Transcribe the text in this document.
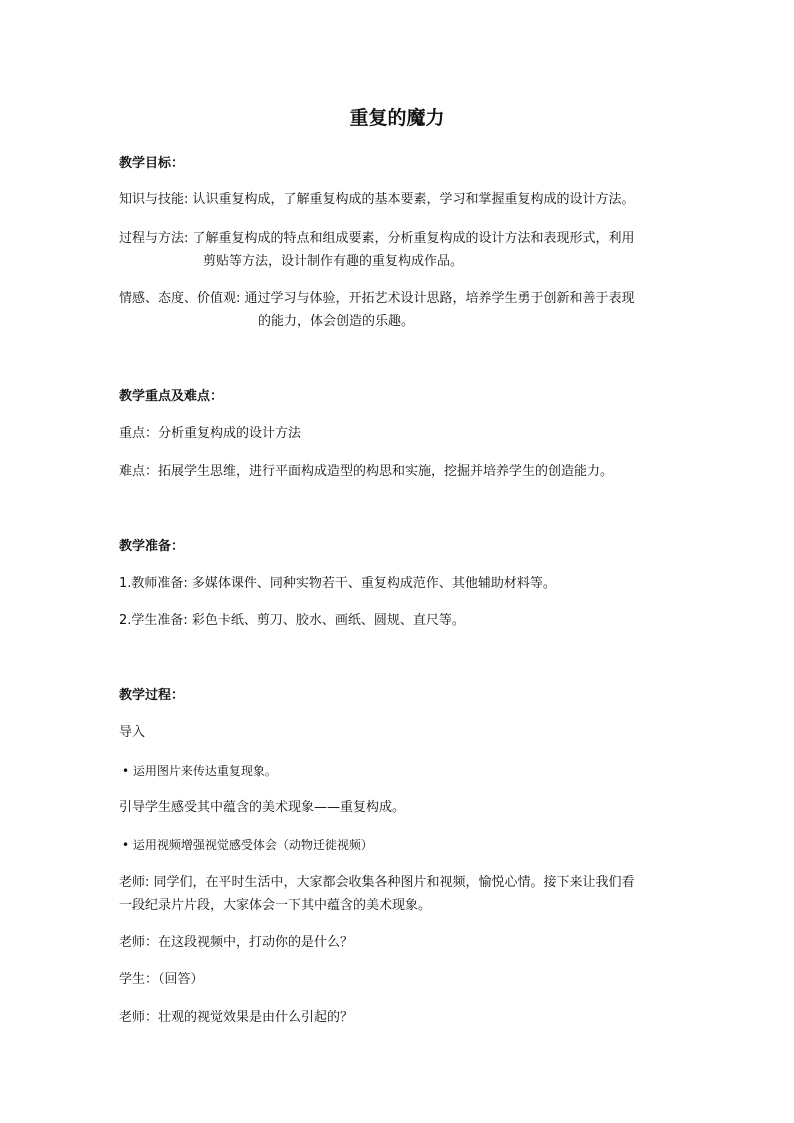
重复的魔力
教学目标：
知识与技能: 认识重复构成，了解重复构成的基本要素，学习和掌握重复构成的设计方法。
过程与方法: 了解重复构成的特点和组成要素，分析重复构成的设计方法和表现形式，利用
剪贴等方法，设计制作有趣的重复构成作品。
情感、态度、价值观: 通过学习与体验，开拓艺术设计思路，培养学生勇于创新和善于表现
的能力，体会创造的乐趣。
教学重点及难点：
重点：分析重复构成的设计方法
难点：拓展学生思维，进行平面构成造型的构思和实施，挖掘并培养学生的创造能力。
教学准备：
1.教师准备: 多媒体课件、同种实物若干、重复构成范作、其他辅助材料等。
2.学生准备: 彩色卡纸、剪刀、胶水、画纸、圆规、直尺等。
教学过程：
导入
• 运用图片来传达重复现象。
引导学生感受其中蕴含的美术现象——重复构成。
• 运用视频增强视觉感受体会（动物迁徙视频）
老师: 同学们，在平时生活中，大家都会收集各种图片和视频，愉悦心情。接下来让我们看
一段纪录片片段，大家体会一下其中蕴含的美术现象。
老师：在这段视频中，打动你的是什么？
学生：（回答）
老师：壮观的视觉效果是由什么引起的？
